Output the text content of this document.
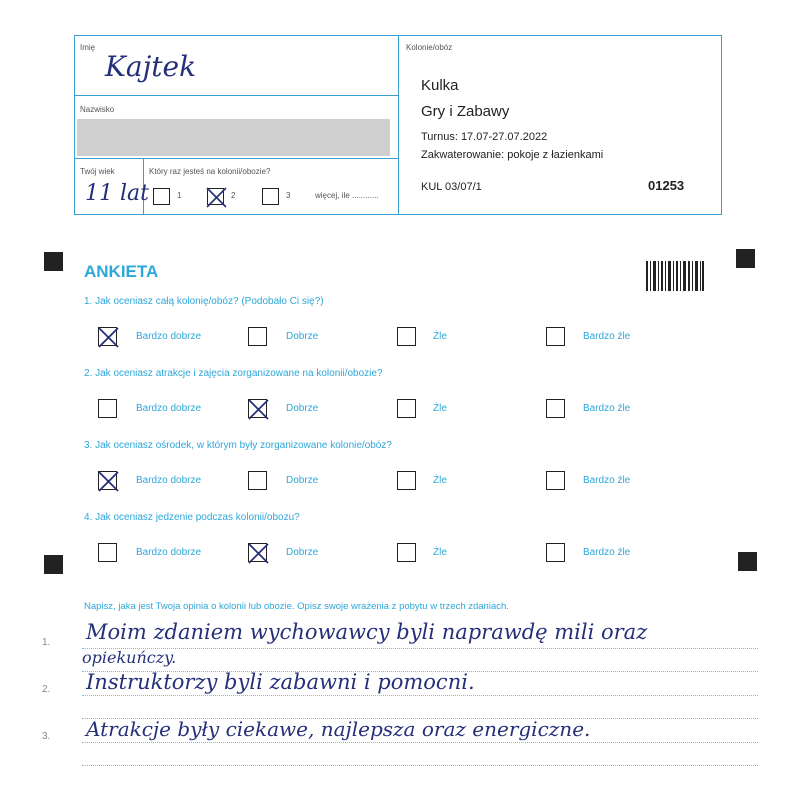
Imię
Kajtek
Nazwisko
Twój wiek
11 lat
Który raz jesteś na kolonii/obozie?
1	2	3	więcej, ile ............
Kolonie/obóz
Kulka
Gry i Zabawy
Turnus: 17.07-27.07.2022
Zakwaterowanie: pokoje z łazienkami
KUL 03/07/1	01253
ANKIETA
1. Jak oceniasz całą kolonię/obóz? (Podobało Ci się?)
2. Jak oceniasz atrakcje i zajęcia zorganizowane na kolonii/obozie?
3. Jak oceniasz ośrodek, w którym były zorganizowane kolonie/obóz?
4. Jak oceniasz jedzenie podczas kolonii/obozu?
Bardzo dobrze	Dobrze	Źle	Bardzo źle
Bardzo dobrze	Dobrze	Źle	Bardzo źle
Bardzo dobrze	Dobrze	Źle	Bardzo źle
Bardzo dobrze	Dobrze	Źle	Bardzo źle
Napisz, jaka jest Twoja opinia o kolonii lub obozie. Opisz swoje wrażenia z pobytu w trzech zdaniach.
1.
2.
3.
Moim zdaniem wychowawcy byli naprawdę mili oraz
opiekuńczy.
Instruktorzy byli zabawni i pomocni.
Atrakcje były ciekawe, najlepsza oraz energiczne.
